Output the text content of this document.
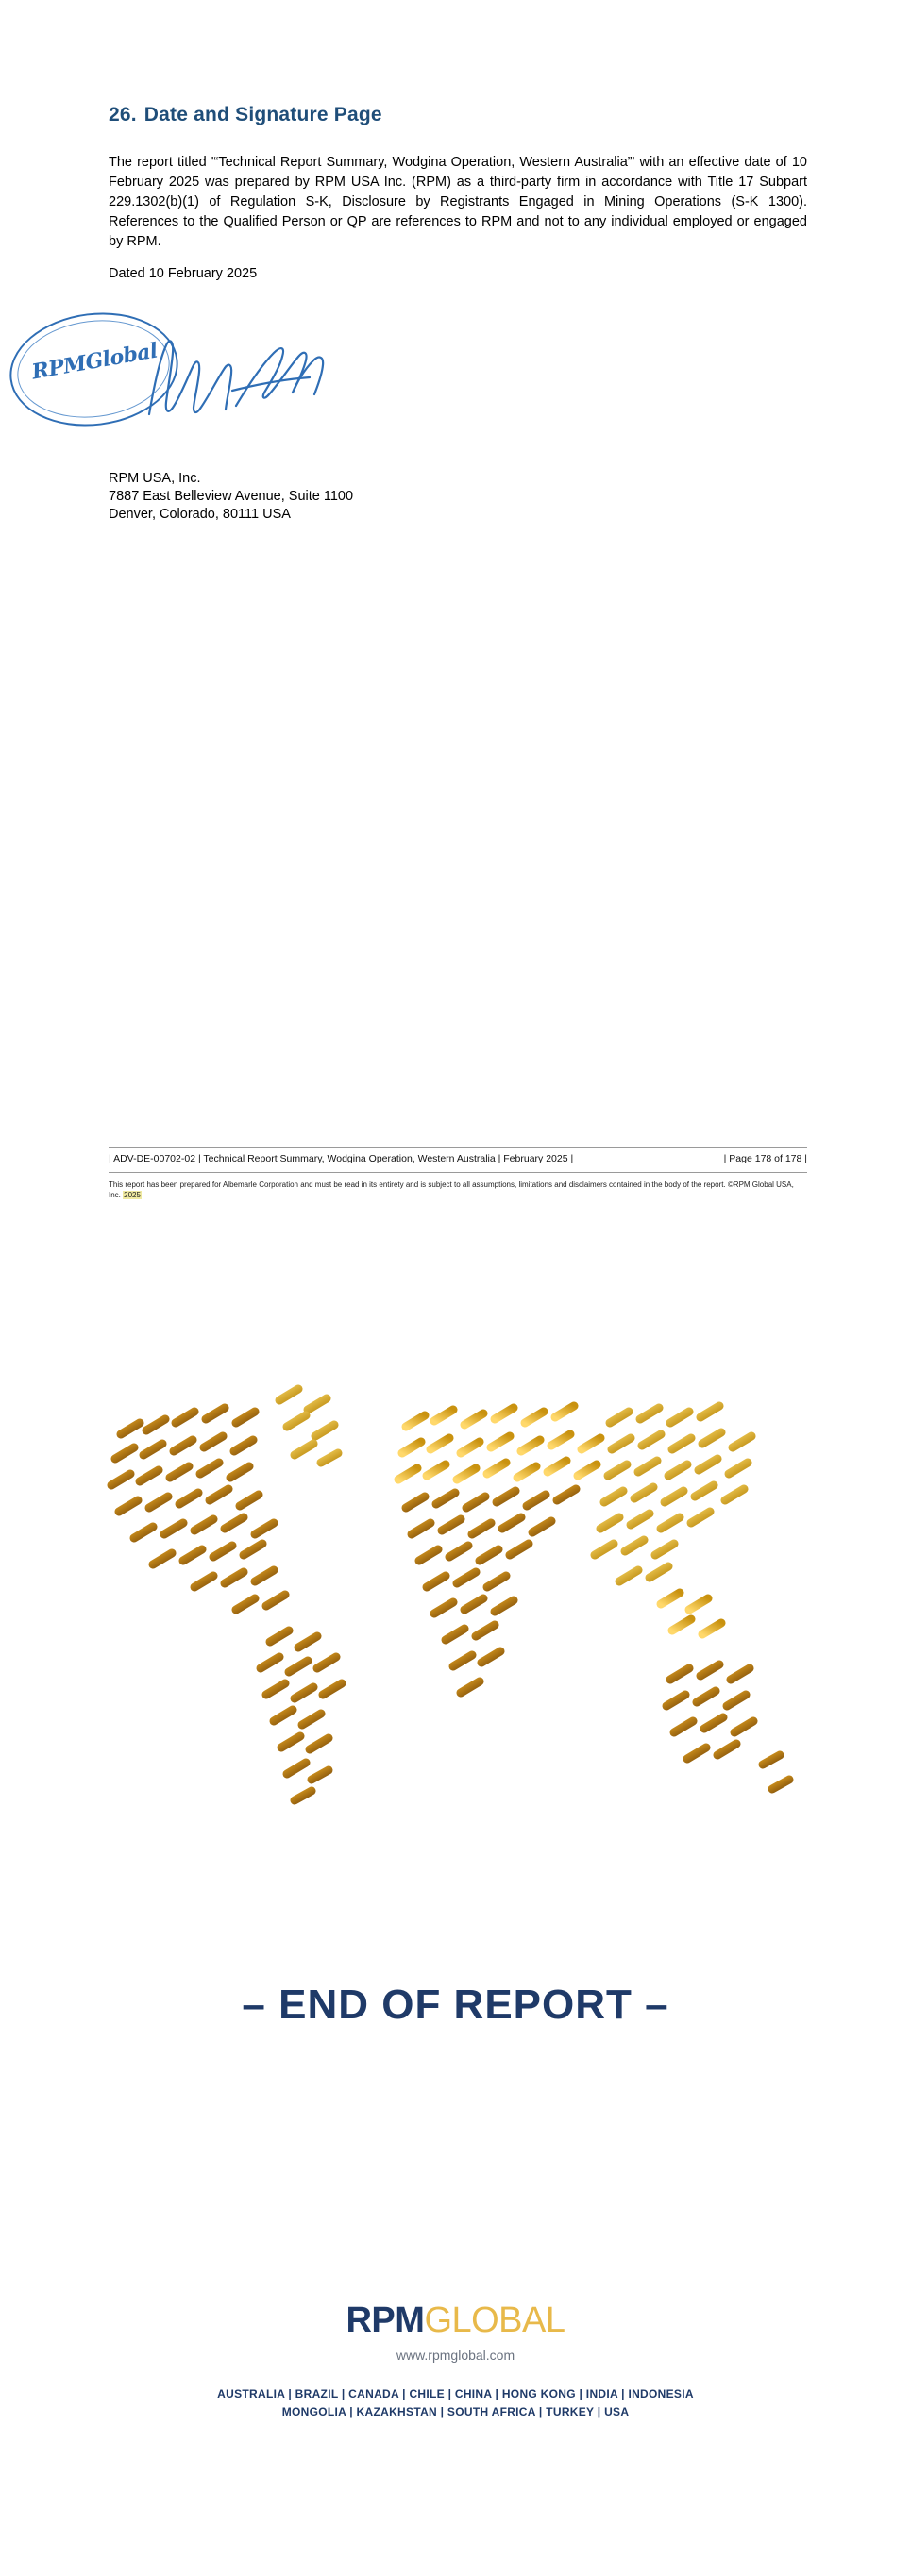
26. Date and Signature Page
The report titled '“Technical Report Summary, Wodgina Operation, Western Australia”' with an effective date of 10 February 2025 was prepared by RPM USA Inc. (RPM) as a third-party firm in accordance with Title 17 Subpart 229.1302(b)(1) of Regulation S-K, Disclosure by Registrants Engaged in Mining Operations (S-K 1300). References to the Qualified Person or QP are references to RPM and not to any individual employed or engaged by RPM.
Dated 10 February 2025
RPMGlobal
RPM USA, Inc.
7887 East Belleview Avenue, Suite 1100
Denver, Colorado, 80111 USA
| ADV-DE-00702-02 | Technical Report Summary, Wodgina Operation, Western Australia | February 2025 |	| Page 178 of 178 |
This report has been prepared for Albemarle Corporation and must be read in its entirety and is subject to all assumptions, limitations and disclaimers contained in the body of the report. ©RPM Global USA, Inc. 2025
– END OF REPORT –
RPMGLOBAL
www.rpmglobal.com
AUSTRALIA | BRAZIL | CANADA | CHILE | CHINA | HONG KONG | INDIA | INDONESIA
MONGOLIA | KAZAKHSTAN | SOUTH AFRICA | TURKEY | USA
